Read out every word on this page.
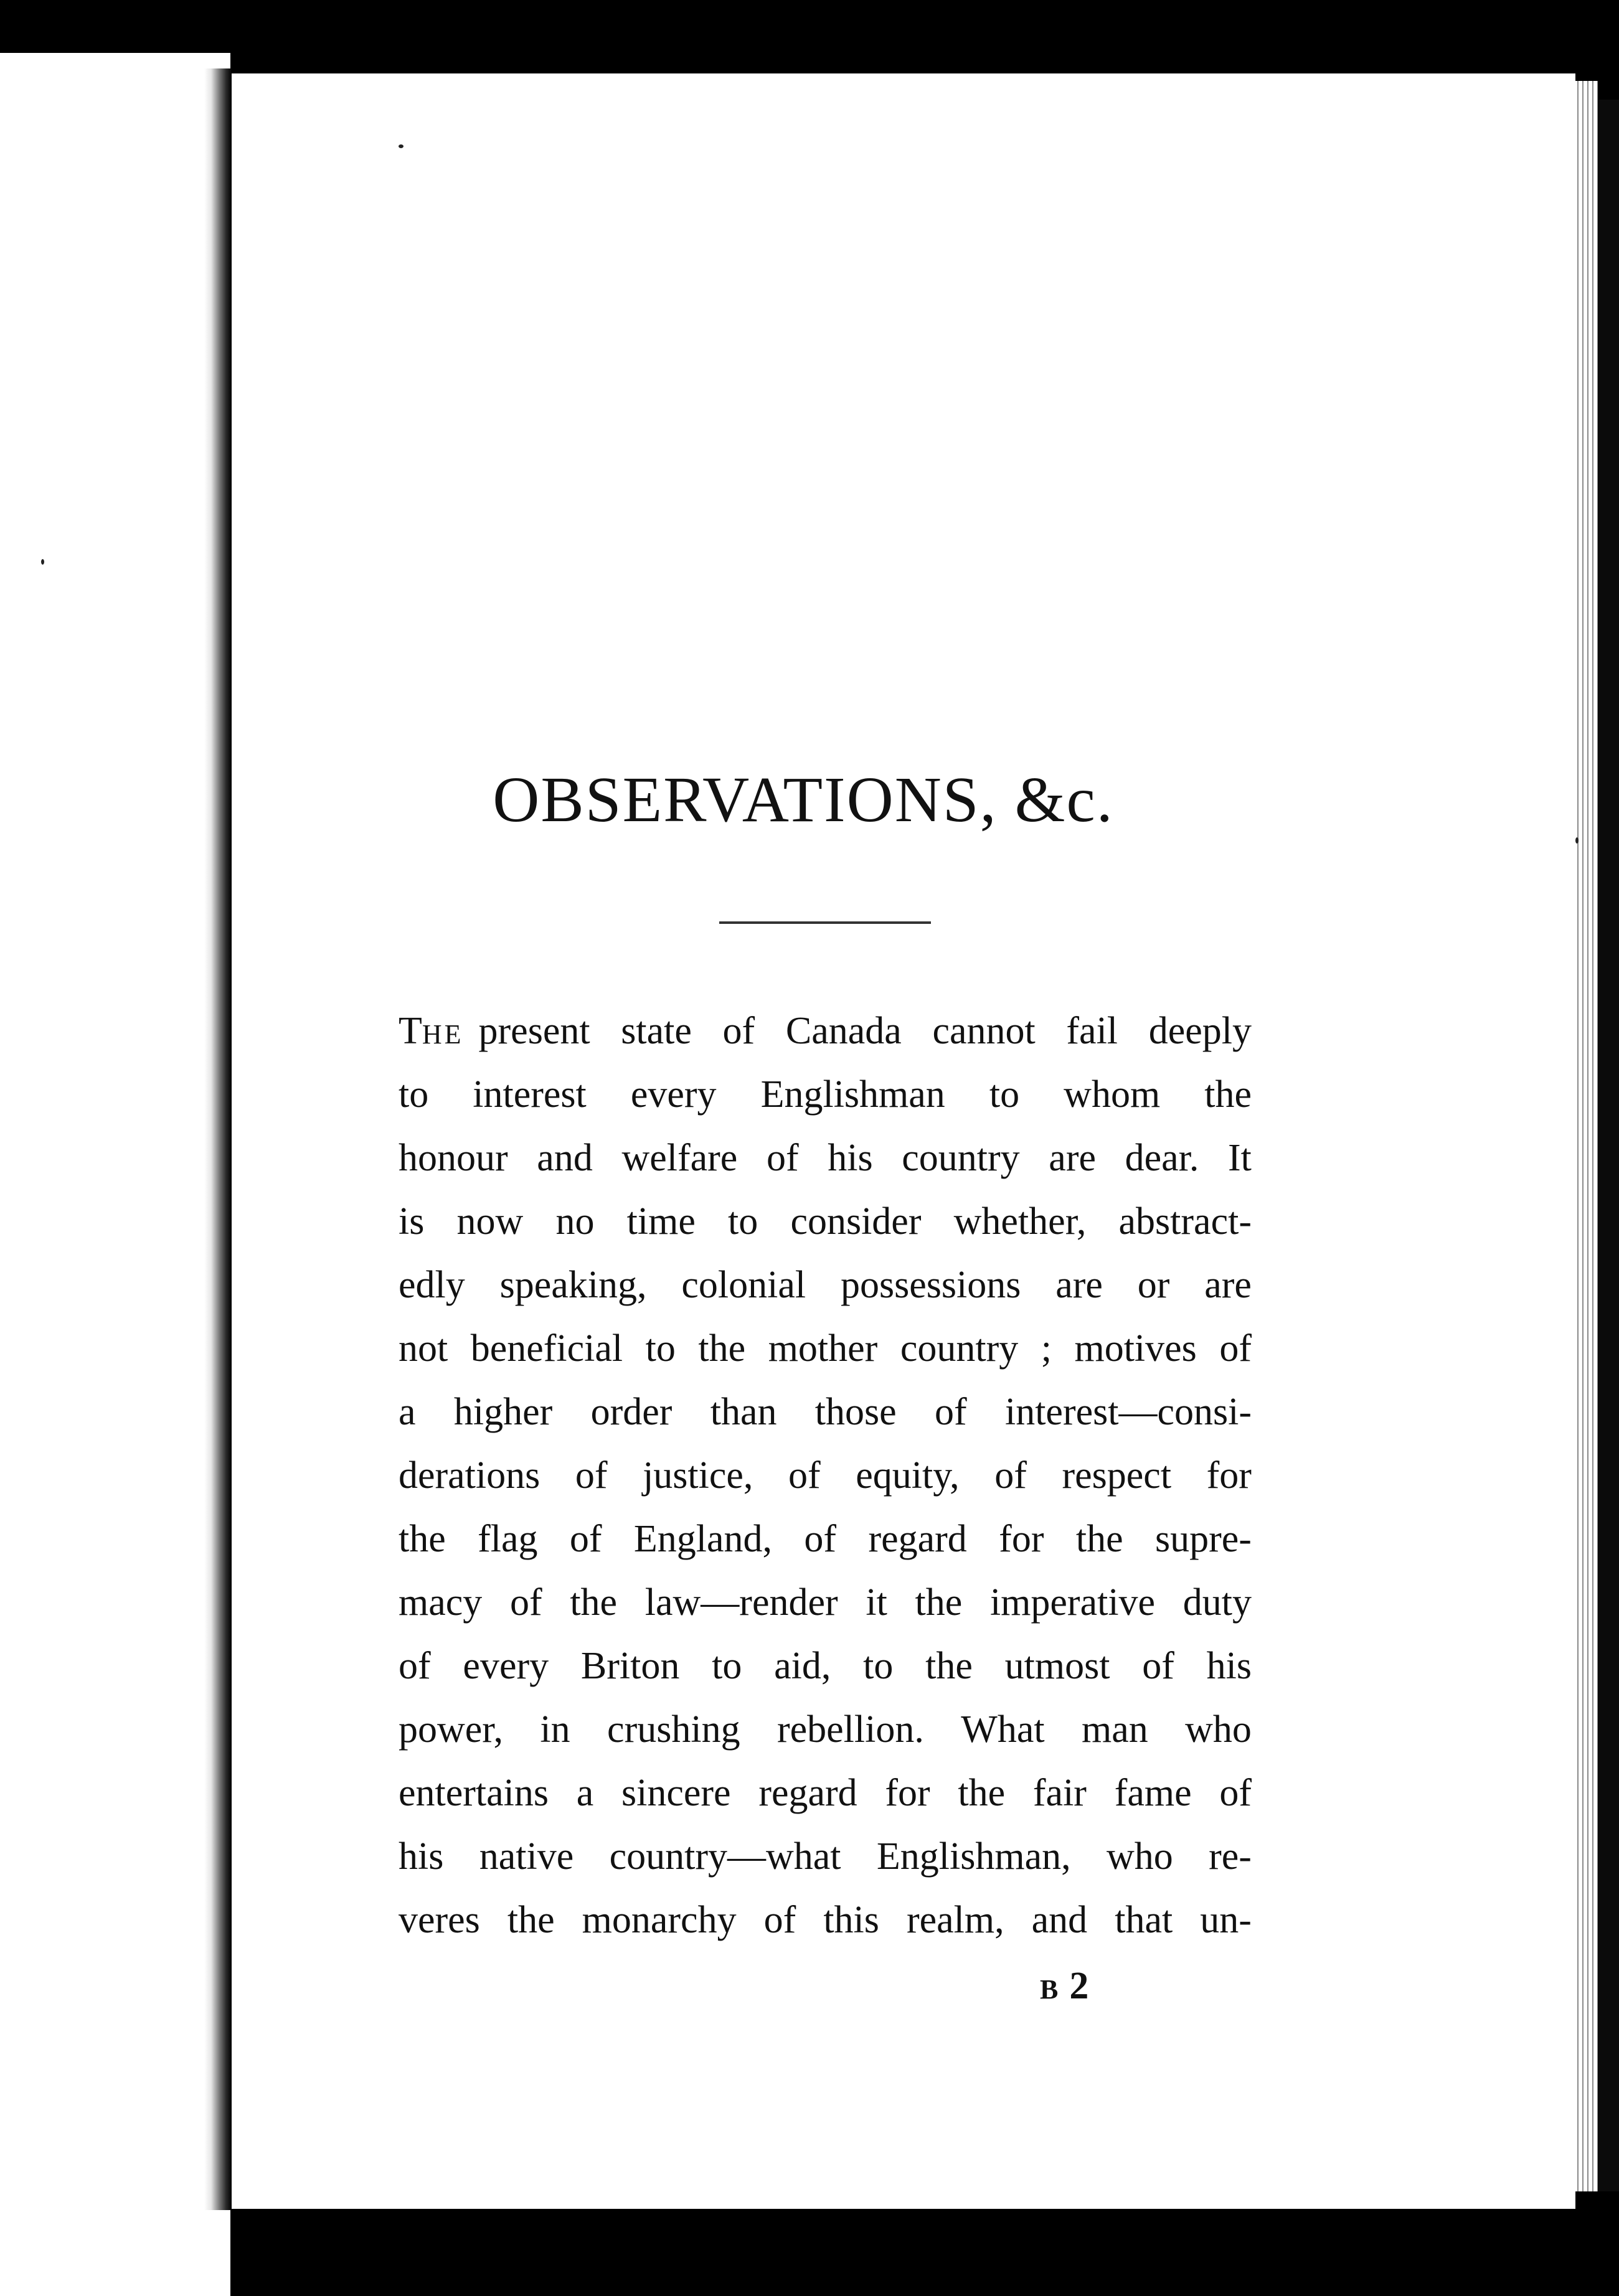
OBSERVATIONS, &c.
THE present state of Canada cannot fail deeply
to interest every Englishman to whom the
honour and welfare of his country are dear. It
is now no time to consider whether, abstract-
edly speaking, colonial possessions are or are
not beneficial to the mother country ; motives of
a higher order than those of interest—consi-
derations of justice, of equity, of respect for
the flag of England, of regard for the supre-
macy of the law—render it the imperative duty
of every Briton to aid, to the utmost of his
power, in crushing rebellion. What man who
entertains a sincere regard for the fair fame of
his native country—what Englishman, who re-
veres the monarchy of this realm, and that un-
B 2
